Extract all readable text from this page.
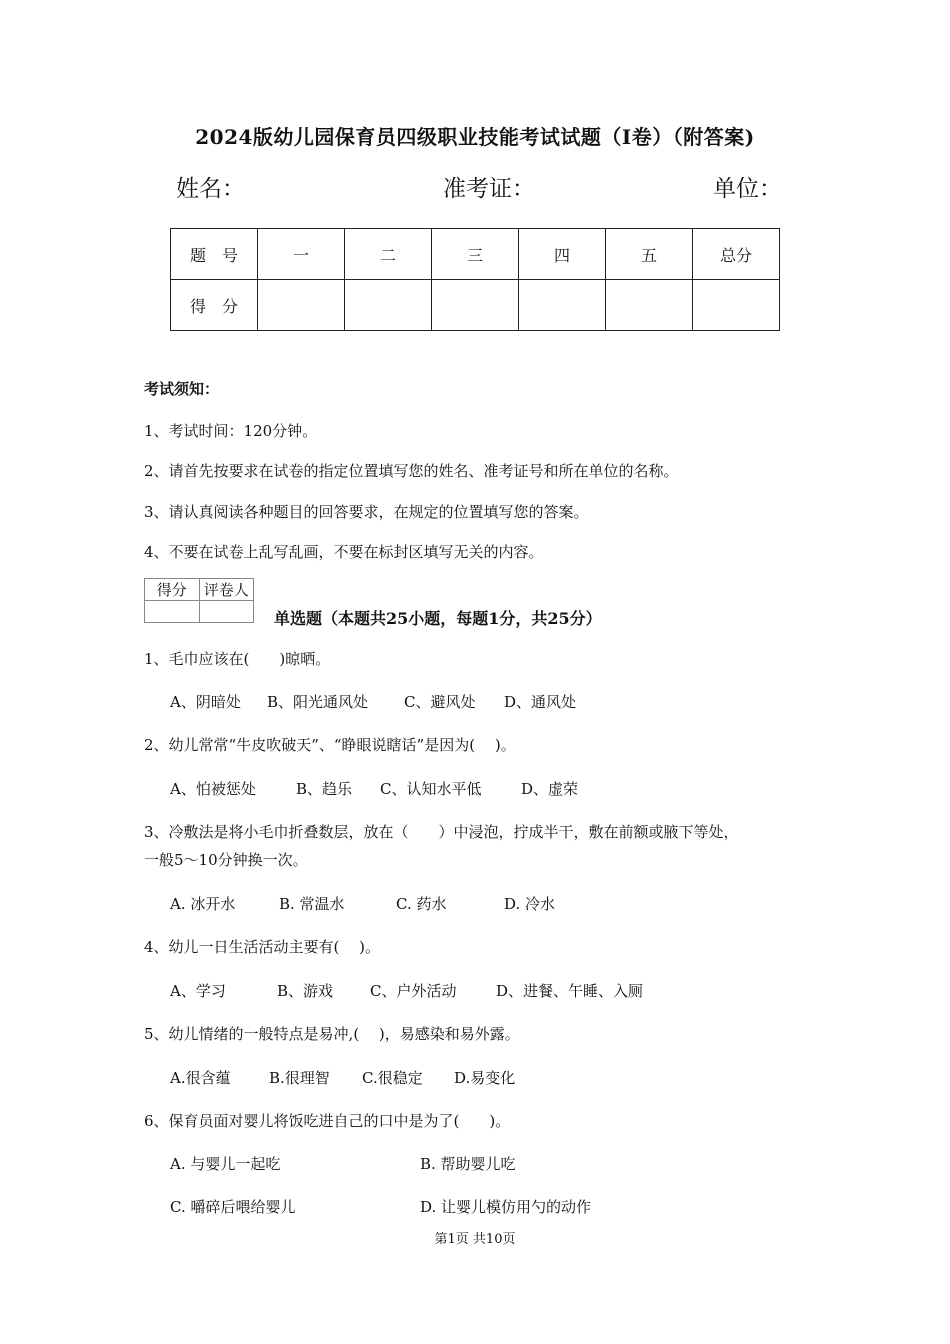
2024版幼儿园保育员四级职业技能考试试题（I卷）（附答案)
姓名：	准考证：	单位：
题　号	一	二	三	四	五	总分
得　分						
考试须知：
1、考试时间：120分钟。
2、请首先按要求在试卷的指定位置填写您的姓名、准考证号和所在单位的名称。
3、请认真阅读各种题目的回答要求，在规定的位置填写您的答案。
4、不要在试卷上乱写乱画，不要在标封区填写无关的内容。
得分	评卷人

单选题（本题共25小题，每题1分，共25分）
1、毛巾应该在(　　)晾晒。
A、阴暗处 B、阳光通风处 C、避风处 D、通风处
2、幼儿常常“牛皮吹破天”、“睁眼说瞎话”是因为(　 )。
A、怕被惩处	B、趋乐 C、认知水平低	D、虚荣
3、冷敷法是将小毛巾折叠数层，放在（　　）中浸泡，拧成半干，敷在前额或腋下等处，
一般5～10分钟换一次。
A. 冰开水	B. 常温水	C. 药水	D. 冷水
4、幼儿一日生活活动主要有(　 )。
A、学习	B、游戏 C、户外活动	D、进餐、午睡、入厕
5、幼儿情绪的一般特点是易冲,(　 )，易感染和易外露。
A.很含蕴	B.很理智 C.很稳定 D.易变化
6、保育员面对婴儿将饭吃进自己的口中是为了(　　)。
A. 与婴儿一起吃	B. 帮助婴儿吃
C. 嚼碎后喂给婴儿	D. 让婴儿模仿用勺的动作
第1页 共10页
